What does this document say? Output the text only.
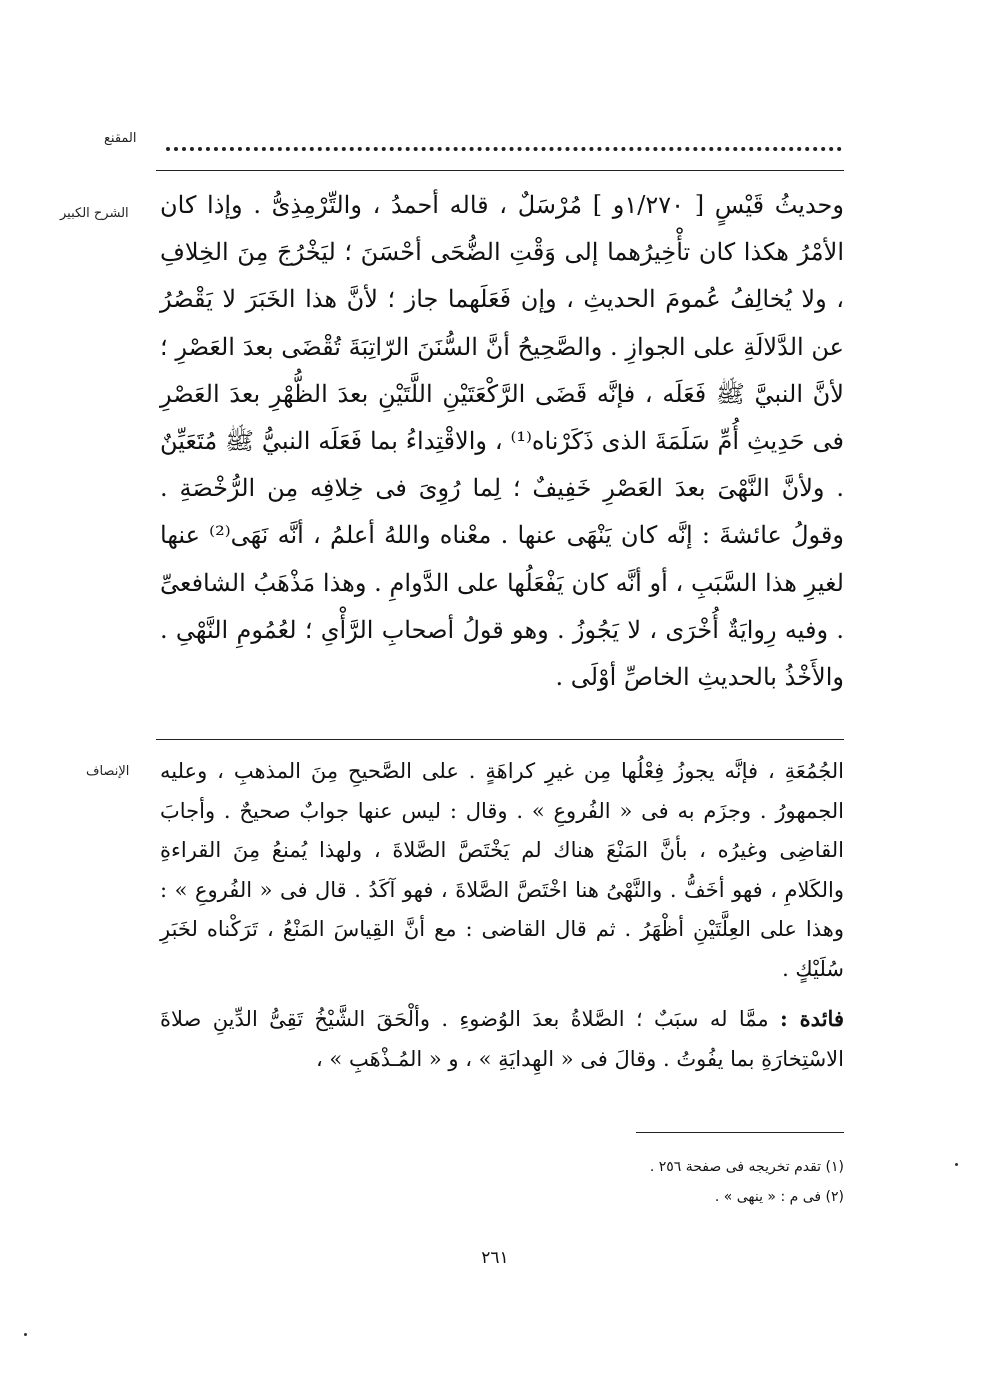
المقنع
الشرح الكبير وحديثُ قَيْسٍ [ ١/٢٧٠و ] مُرْسَلٌ ، قاله أحمدُ ، والتِّرْمِذِىُّ . وإذا كان الأمْرُ هكذا كان تأْخِيرُهما إلى وَقْتِ الضُّحَى أحْسَنَ ؛ ليَخْرُجَ مِنَ الخِلافِ ، ولا يُخالِفُ عُمومَ الحديثِ ، وإن فَعَلَهما جاز ؛ لأنَّ هذا الخَبَرَ لا يَقْصُرُ عن الدَّلالَةِ على الجوازِ . والصَّحِيحُ أنَّ السُّنَنَ الرّاتِبَةَ تُقْضَى بعدَ العَصْرِ ؛ لأنَّ النبيَّ ﷺ فَعَلَه ، فإنَّه قَضَى الرَّكْعَتَيْنِ اللَّتَيْنِ بعدَ الظُّهْرِ بعدَ العَصْرِ فى حَدِيثِ أُمِّ سَلَمَةَ الذى ذَكَرْناه⁽¹⁾ ، والاقْتِداءُ بما فَعَلَه النبيُّ ﷺ مُتَعَيِّنٌ . ولأنَّ النَّهْىَ بعدَ العَصْرِ خَفِيفٌ ؛ لِما رُوِىَ فى خِلافِه مِن الرُّخْصَةِ . وقولُ عائشةَ : إنَّه كان يَنْهَى عنها . معْناه واللهُ أعلمُ ، أنَّه نَهَى⁽²⁾ عنها لغيرِ هذا السَّبَبِ ، أو أنَّه كان يَفْعَلُها على الدَّوامِ . وهذا مَذْهَبُ الشافعىِّ . وفيه رِوايَةٌ أُخْرَى ، لا يَجُوزُ . وهو قولُ أصحابِ الرَّأْىِ ؛ لعُمُومِ النَّهْىِ . والأَخْذُ بالحديثِ الخاصِّ أوْلَى .

الإنصاف الجُمُعَةِ ، فإنَّه يجوزُ فِعْلُها مِن غيرِ كراهَةٍ . على الصَّحيحِ مِنَ المذهبِ ، وعليه الجمهورُ . وجزَم به فى « الفُروعِ » . وقال : ليس عنها جوابٌ صحيحٌ . وأجابَ القاضِى وغيرُه ، بأنَّ المَنْعَ هناك لم يَخْتَصَّ الصَّلاةَ ، ولهذا يُمنعُ مِنَ القراءةِ والكَلامِ ، فهو أخَفُّ . والنَّهْىُ هنا اخْتَصَّ الصَّلاةَ ، فهو آكَدُ . قال فى « الفُروعِ » : وهذا على العِلَّتَيْنِ أظْهَرُ . ثم قال القاضى : مع أنَّ القِياسَ المَنْعُ ، تَرَكْناه لخَبَرِ سُلَيْكٍ .

فائدة : ممَّا له سبَبٌ ؛ الصَّلاةُ بعدَ الوُضوءِ . وألْحَقَ الشَّيْخُ تَقِىُّ الدِّينِ صلاةَ الاسْتِخارَةِ بما يفُوتُ . وقالَ فى « الهِدايَةِ » ، و « المُـذْهَبِ » ،

(١) تقدم تخريجه فى صفحة ٢٥٦ .
(٢) فى م : « ينهى » .
٢٦١
